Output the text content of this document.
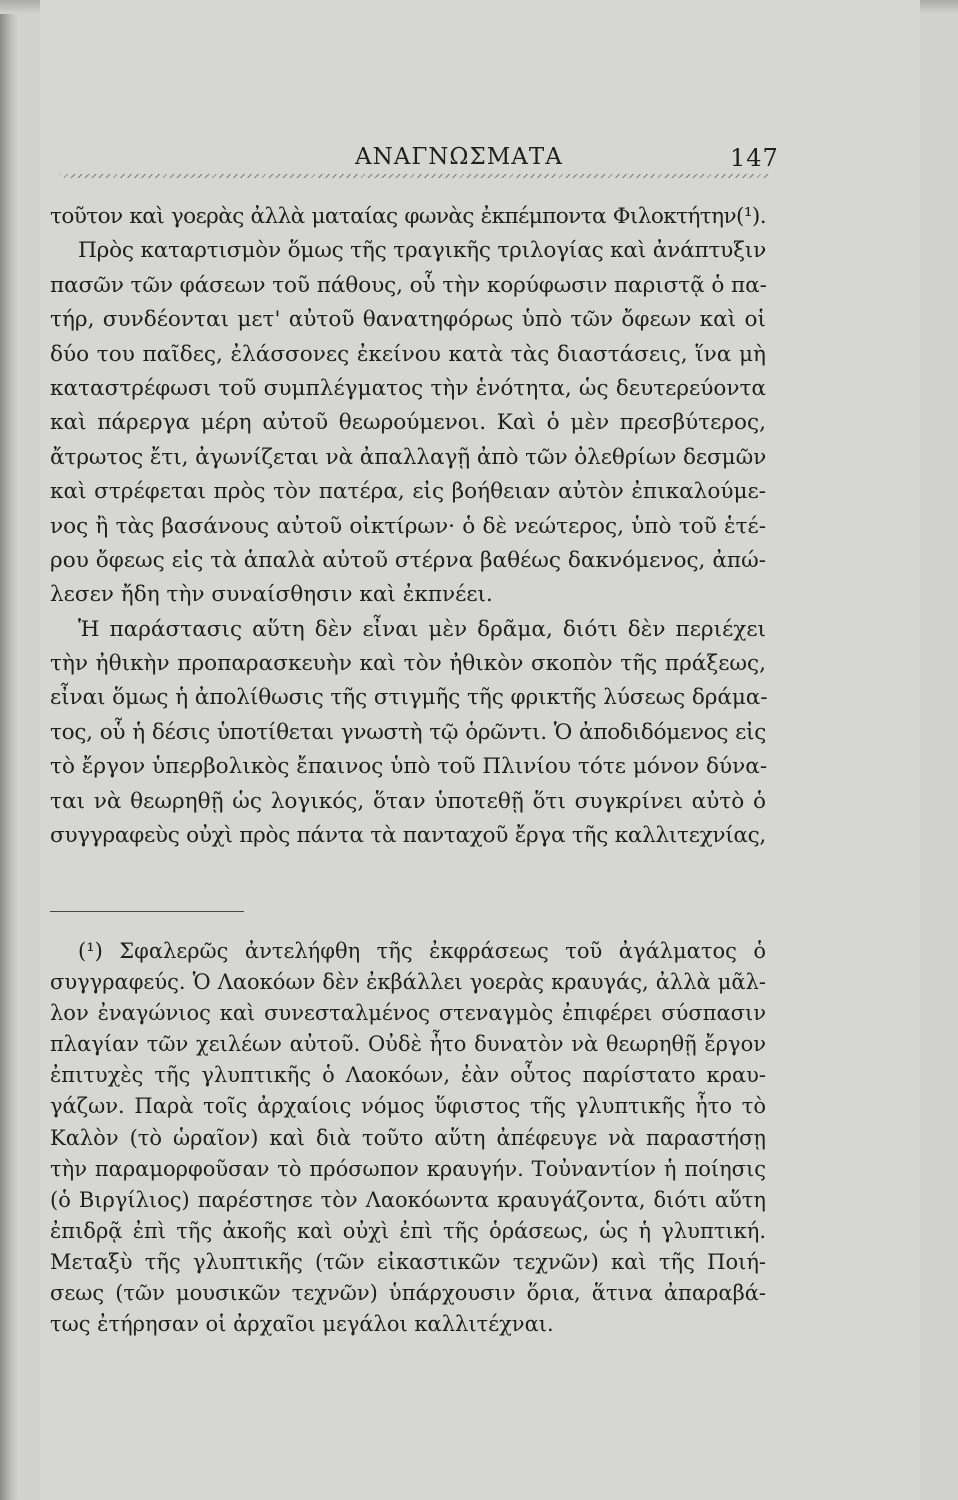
ΑΝΑΓΝΩΣΜΑΤΑ	147
τοῦτον καὶ γοερὰς ἀλλὰ ματαίας φωνὰς ἐκπέμποντα Φιλοκτήτην(¹).
Πρὸς καταρτισμὸν ὅμως τῆς τραγικῆς τριλογίας καὶ ἀνάπτυξιν
πασῶν τῶν φάσεων τοῦ πάθους, οὗ τὴν κορύφωσιν παριστᾷ ὁ πα-
τήρ, συνδέονται μετ' αὐτοῦ θανατηφόρως ὑπὸ τῶν ὄφεων καὶ οἱ
δύο του παῖδες, ἐλάσσονες ἐκείνου κατὰ τὰς διαστάσεις, ἵνα μὴ
καταστρέφωσι τοῦ συμπλέγματος τὴν ἑνότητα, ὡς δευτερεύοντα
καὶ πάρεργα μέρη αὐτοῦ θεωρούμενοι. Καὶ ὁ μὲν πρεσβύτερος,
ἄτρωτος ἔτι, ἀγωνίζεται νὰ ἀπαλλαγῇ ἀπὸ τῶν ὀλεθρίων δεσμῶν
καὶ στρέφεται πρὸς τὸν πατέρα, εἰς βοήθειαν αὐτὸν ἐπικαλούμε-
νος ἢ τὰς βασάνους αὐτοῦ οἰκτίρων· ὁ δὲ νεώτερος, ὑπὸ τοῦ ἑτέ-
ρου ὄφεως εἰς τὰ ἁπαλὰ αὐτοῦ στέρνα βαθέως δακνόμενος, ἀπώ-
λεσεν ἤδη τὴν συναίσθησιν καὶ ἐκπνέει.
Ἡ παράστασις αὕτη δὲν εἶναι μὲν δρᾶμα, διότι δὲν περιέχει
τὴν ἠθικὴν προπαρασκευὴν καὶ τὸν ἠθικὸν σκοπὸν τῆς πράξεως,
εἶναι ὅμως ἡ ἀπολίθωσις τῆς στιγμῆς τῆς φρικτῆς λύσεως δράμα-
τος, οὗ ἡ δέσις ὑποτίθεται γνωστὴ τῷ ὁρῶντι. Ὁ ἀποδιδόμενος εἰς
τὸ ἔργον ὑπερβολικὸς ἔπαινος ὑπὸ τοῦ Πλινίου τότε μόνον δύνα-
ται νὰ θεωρηθῇ ὡς λογικός, ὅταν ὑποτεθῇ ὅτι συγκρίνει αὐτὸ ὁ
συγγραφεὺς οὐχὶ πρὸς πάντα τὰ πανταχοῦ ἔργα τῆς καλλιτεχνίας,
(¹) Σφαλερῶς ἀντελήφθη τῆς ἐκφράσεως τοῦ ἀγάλματος ὁ
συγγραφεύς. Ὁ Λαοκόων δὲν ἐκβάλλει γοερὰς κραυγάς, ἀλλὰ μᾶλ-
λον ἐναγώνιος καὶ συνεσταλμένος στεναγμὸς ἐπιφέρει σύσπασιν
πλαγίαν τῶν χειλέων αὐτοῦ. Οὐδὲ ἦτο δυνατὸν νὰ θεωρηθῇ ἔργον
ἐπιτυχὲς τῆς γλυπτικῆς ὁ Λαοκόων, ἐὰν οὗτος παρίστατο κραυ-
γάζων. Παρὰ τοῖς ἀρχαίοις νόμος ὕφιστος τῆς γλυπτικῆς ἦτο τὸ
Καλὸν (τὸ ὡραῖον) καὶ διὰ τοῦτο αὕτη ἀπέφευγε νὰ παραστήσῃ
τὴν παραμορφοῦσαν τὸ πρόσωπον κραυγήν. Τοὐναντίον ἡ ποίησις
(ὁ Βιργίλιος) παρέστησε τὸν Λαοκόωντα κραυγάζοντα, διότι αὕτη
ἐπιδρᾷ ἐπὶ τῆς ἀκοῆς καὶ οὐχὶ ἐπὶ τῆς ὁράσεως, ὡς ἡ γλυπτική.
Μεταξὺ τῆς γλυπτικῆς (τῶν εἰκαστικῶν τεχνῶν) καὶ τῆς Ποιή-
σεως (τῶν μουσικῶν τεχνῶν) ὑπάρχουσιν ὅρια, ἅτινα ἀπαραβά-
τως ἐτήρησαν οἱ ἀρχαῖοι μεγάλοι καλλιτέχναι.
